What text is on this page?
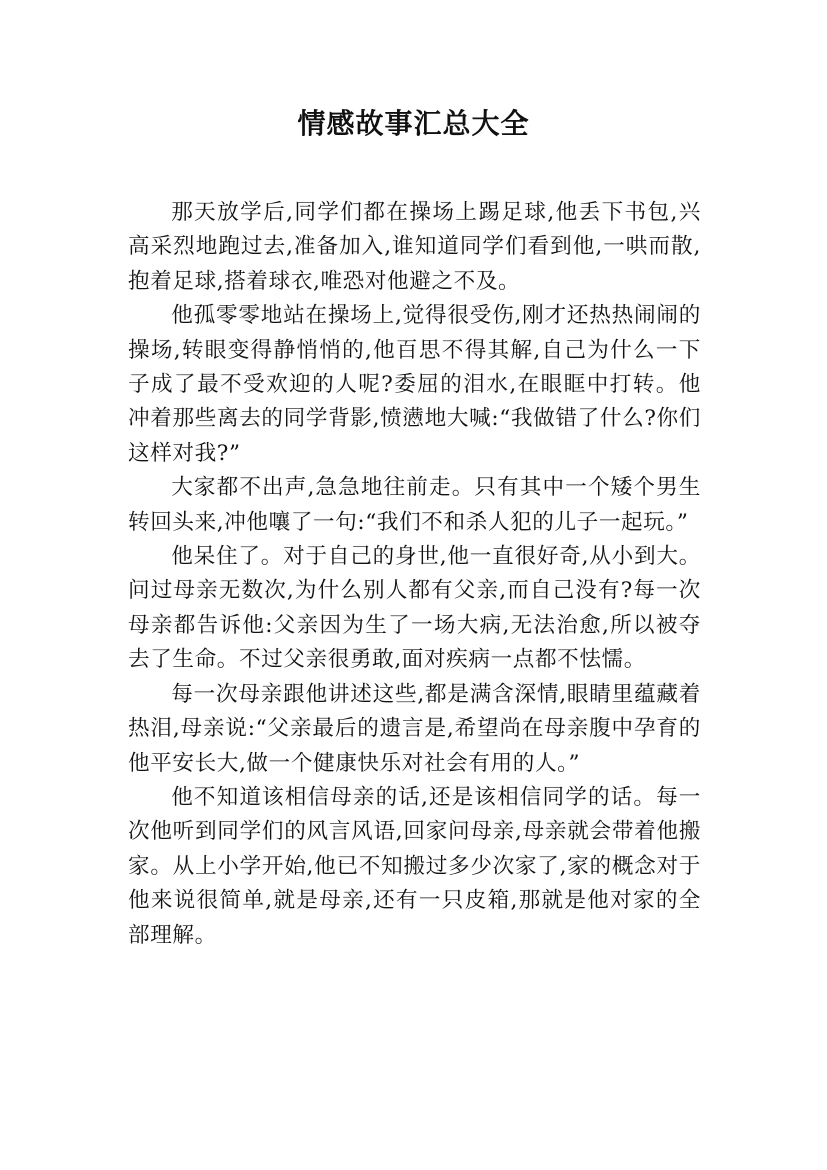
情感故事汇总大全

那天放学后,同学们都在操场上踢足球,他丢下书包,兴高采烈地跑过去,准备加入,谁知道同学们看到他,一哄而散,抱着足球,搭着球衣,唯恐对他避之不及。

他孤零零地站在操场上,觉得很受伤,刚才还热热闹闹的操场,转眼变得静悄悄的,他百思不得其解,自己为什么一下子成了最不受欢迎的人呢?委屈的泪水,在眼眶中打转。他冲着那些离去的同学背影,愤懑地大喊:“我做错了什么?你们这样对我?”

大家都不出声,急急地往前走。只有其中一个矮个男生转回头来,冲他嚷了一句:“我们不和杀人犯的儿子一起玩。”

他呆住了。对于自己的身世,他一直很好奇,从小到大。问过母亲无数次,为什么别人都有父亲,而自己没有?每一次母亲都告诉他:父亲因为生了一场大病,无法治愈,所以被夺去了生命。不过父亲很勇敢,面对疾病一点都不怯懦。

每一次母亲跟他讲述这些,都是满含深情,眼睛里蕴藏着热泪,母亲说:“父亲最后的遗言是,希望尚在母亲腹中孕育的他平安长大,做一个健康快乐对社会有用的人。”

他不知道该相信母亲的话,还是该相信同学的话。每一次他听到同学们的风言风语,回家问母亲,母亲就会带着他搬家。从上小学开始,他已不知搬过多少次家了,家的概念对于他来说很简单,就是母亲,还有一只皮箱,那就是他对家的全部理解。
